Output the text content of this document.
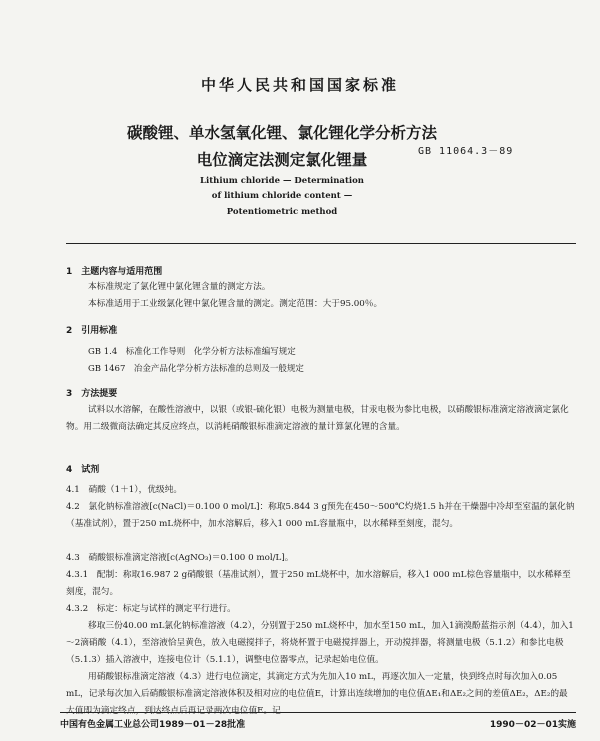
中华人民共和国国家标准
碳酸锂、单水氢氧化锂、氯化锂化学分析方法
电位滴定法测定氯化锂量	GB 11064.3－89
Lithium chloride — Determination
of lithium chloride content —
Potentiometric method
1　主题内容与适用范围
本标准规定了氯化锂中氯化锂含量的测定方法。
本标准适用于工业级氯化锂中氯化锂含量的测定。测定范围：大于95.00％。
2　引用标准
GB 1.4　标准化工作导则　化学分析方法标准编写规定
GB 1467　冶金产品化学分析方法标准的总则及一般规定
3　方法提要
试料以水溶解，在酸性溶液中，以银（或银-硫化银）电极为测量电极，甘汞电极为参比电极，以硝酸银标准滴定溶液滴定氯化物。用二级微商法确定其反应终点，以消耗硝酸银标准滴定溶液的量计算氯化锂的含量。
4　试剂
4.1　硝酸（1＋1），优级纯。
4.2　氯化钠标准溶液[c(NaCl)＝0.100 0 mol/L]：称取5.844 3 g预先在450～500℃灼烧1.5 h并在干燥器中冷却至室温的氯化钠（基准试剂），置于250 mL烧杯中，加水溶解后，移入1 000 mL容量瓶中，以水稀释至刻度，混匀。
4.3　硝酸银标准滴定溶液[c(AgNO₃)＝0.100 0 mol/L]。
4.3.1　配制：称取16.987 2 g硝酸银（基准试剂），置于250 mL烧杯中，加水溶解后，移入1 000 mL棕色容量瓶中，以水稀释至刻度，混匀。
4.3.2　标定：标定与试样的测定平行进行。
移取三份40.00 mL氯化钠标准溶液（4.2），分别置于250 mL烧杯中，加水至150 mL，加入1滴溴酚蓝指示剂（4.4），加入1～2滴硝酸（4.1），至溶液恰呈黄色，放入电磁搅拌子，将烧杯置于电磁搅拌器上，开动搅拌器，将测量电极（5.1.2）和参比电极（5.1.3）插入溶液中，连接电位计（5.1.1），调整电位器零点，记录起始电位值。
用硝酸银标准滴定溶液（4.3）进行电位滴定，其滴定方式为先加入10 mL，再逐次加入一定量，快到终点时每次加入0.05 mL，记录每次加入后硝酸银标准滴定溶液体积及相对应的电位值E，计算出连续增加的电位值ΔE₁和ΔE₂之间的差值ΔE₂，ΔE₂的最大值即为滴定终点，到达终点后再记录两次电位值E。记
中国有色金属工业总公司1989－01－28批准	1990－02－01实施
